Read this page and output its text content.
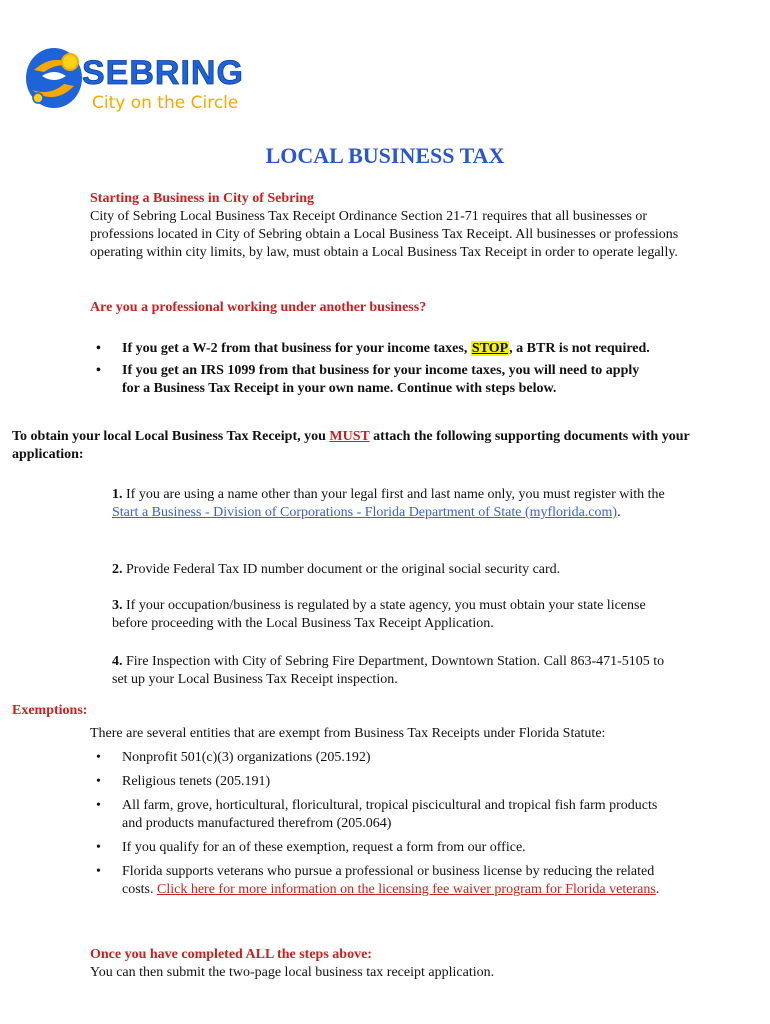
SEBRING
City on the Circle
LOCAL BUSINESS TAX
Starting a Business in City of Sebring
City of Sebring Local Business Tax Receipt Ordinance Section 21-71 requires that all businesses or professions located in City of Sebring obtain a Local Business Tax Receipt. All businesses or professions operating within city limits, by law, must obtain a Local Business Tax Receipt in order to operate legally.
Are you a professional working under another business?
• If you get a W-2 from that business for your income taxes, STOP, a BTR is not required.
• If you get an IRS 1099 from that business for your income taxes, you will need to apply for a Business Tax Receipt in your own name. Continue with steps below.
To obtain your local Local Business Tax Receipt, you MUST attach the following supporting documents with your application:
1. If you are using a name other than your legal first and last name only, you must register with the Start a Business - Division of Corporations - Florida Department of State (myflorida.com).
2. Provide Federal Tax ID number document or the original social security card.
3. If your occupation/business is regulated by a state agency, you must obtain your state license before proceeding with the Local Business Tax Receipt Application.
4. Fire Inspection with City of Sebring Fire Department, Downtown Station. Call 863-471-5105 to set up your Local Business Tax Receipt inspection.
Exemptions:
There are several entities that are exempt from Business Tax Receipts under Florida Statute:
• Nonprofit 501(c)(3) organizations (205.192)
• Religious tenets (205.191)
• All farm, grove, horticultural, floricultural, tropical piscicultural and tropical fish farm products and products manufactured therefrom (205.064)
• If you qualify for an of these exemption, request a form from our office.
• Florida supports veterans who pursue a professional or business license by reducing the related costs. Click here for more information on the licensing fee waiver program for Florida veterans.
Once you have completed ALL the steps above:
You can then submit the two-page local business tax receipt application.
